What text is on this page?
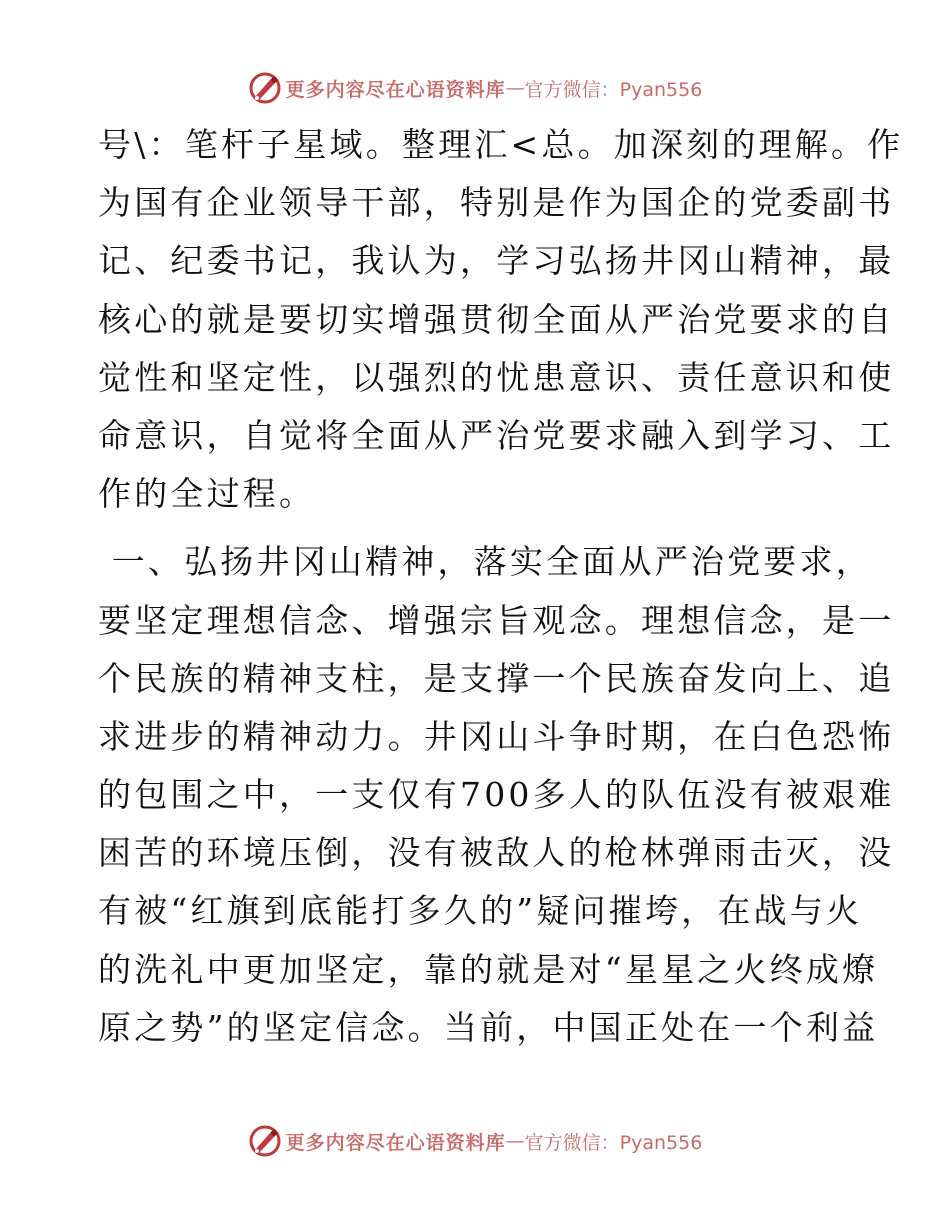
更多内容尽在心语资料库 — 官方微信：Pyan556
号\：笔杆子星域。整理汇<总。加深刻的理解。作
为国有企业领导干部，特别是作为国企的党委副书
记、纪委书记，我认为，学习弘扬井冈山精神，最
核心的就是要切实增强贯彻全面从严治党要求的自
觉性和坚定性，以强烈的忧患意识、责任意识和使
命意识，自觉将全面从严治党要求融入到学习、工
作的全过程。
一、弘扬井冈山精神，落实全面从严治党要求，
要坚定理想信念、增强宗旨观念。理想信念，是一
个民族的精神支柱，是支撑一个民族奋发向上、追
求进步的精神动力。井冈山斗争时期，在白色恐怖
的包围之中，一支仅有700多人的队伍没有被艰难
困苦的环境压倒，没有被敌人的枪林弹雨击灭，没
有被“红旗到底能打多久的”疑问摧垮，在战与火
的洗礼中更加坚定，靠的就是对“星星之火终成燎
原之势”的坚定信念。当前，中国正处在一个利益
更多内容尽在心语资料库 — 官方微信：Pyan556
